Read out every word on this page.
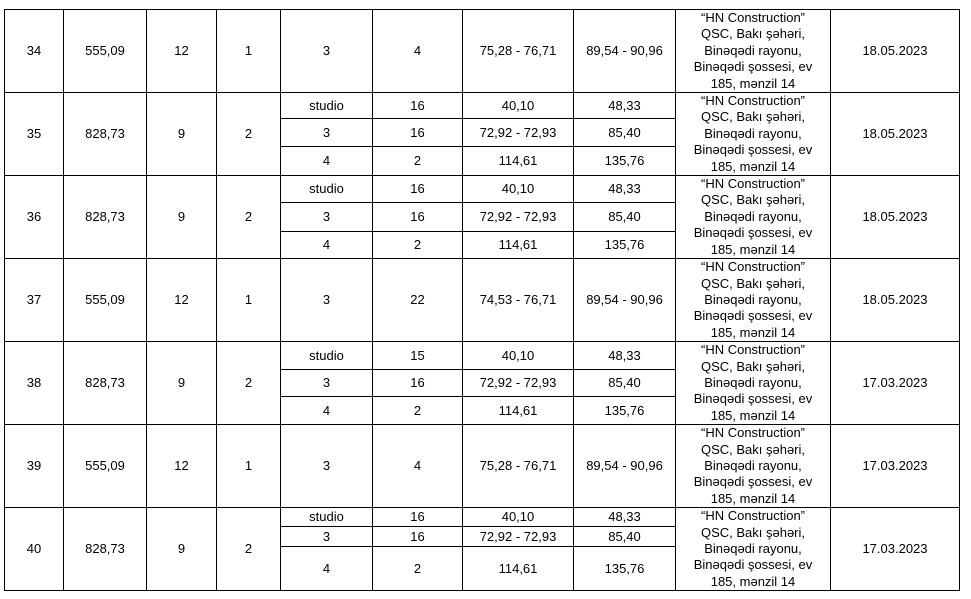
34	555,09	12	1	3	4	75,28 - 76,71	89,54 - 90,96	“HN Construction”
QSC, Bakı şəhəri,
Binəqədi rayonu,
Binəqədi şossesi, ev
185, mənzil 14	18.05.2023
35	828,73	9	2	studio	16	40,10	48,33	“HN Construction”
QSC, Bakı şəhəri,
Binəqədi rayonu,
Binəqədi şossesi, ev
185, mənzil 14	18.05.2023
				3	16	72,92 - 72,93	85,40		
				4	2	114,61	135,76		
36	828,73	9	2	studio	16	40,10	48,33	“HN Construction”
QSC, Bakı şəhəri,
Binəqədi rayonu,
Binəqədi şossesi, ev
185, mənzil 14	18.05.2023
				3	16	72,92 - 72,93	85,40		
				4	2	114,61	135,76		
37	555,09	12	1	3	22	74,53 - 76,71	89,54 - 90,96	“HN Construction”
QSC, Bakı şəhəri,
Binəqədi rayonu,
Binəqədi şossesi, ev
185, mənzil 14	18.05.2023
38	828,73	9	2	studio	15	40,10	48,33	“HN Construction”
QSC, Bakı şəhəri,
Binəqədi rayonu,
Binəqədi şossesi, ev
185, mənzil 14	17.03.2023
				3	16	72,92 - 72,93	85,40		
				4	2	114,61	135,76		
39	555,09	12	1	3	4	75,28 - 76,71	89,54 - 90,96	“HN Construction”
QSC, Bakı şəhəri,
Binəqədi rayonu,
Binəqədi şossesi, ev
185, mənzil 14	17.03.2023
40	828,73	9	2	studio	16	40,10	48,33	“HN Construction”
QSC, Bakı şəhəri,
Binəqədi rayonu,
Binəqədi şossesi, ev
185, mənzil 14	17.03.2023
				3	16	72,92 - 72,93	85,40		
				4	2	114,61	135,76		
